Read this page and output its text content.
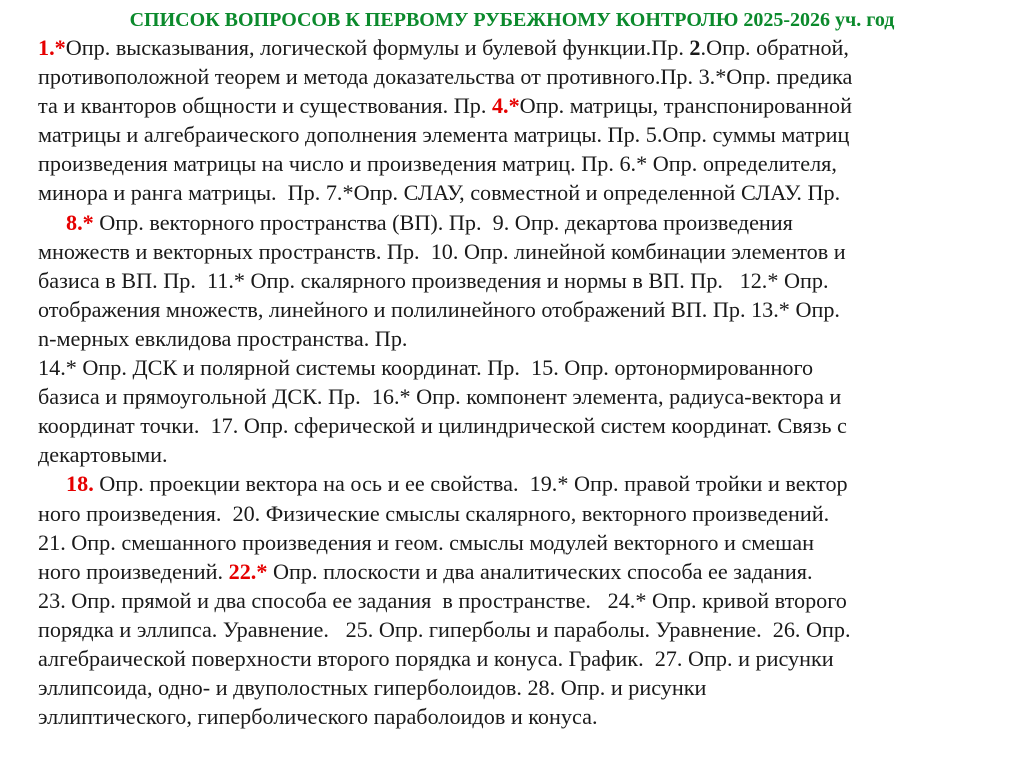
СПИСОК ВОПРОСОВ К ПЕРВОМУ РУБЕЖНОМУ КОНТРОЛЮ 2025-2026 уч. год
1.*Опр. высказывания, логической формулы и булевой функции.Пр. 2.Опр. обратной,
противоположной теорем и метода доказательства от противного.Пр. 3.*Опр. предика
та и кванторов общности и существования. Пр. 4.*Опр. матрицы, транспонированной
матрицы и алгебраического дополнения элемента матрицы. Пр. 5.Опр. суммы матриц
произведения матрицы на число и произведения матриц. Пр. 6.* Опр. определителя,
минора и ранга матрицы.  Пр. 7.*Опр. СЛАУ, совместной и определенной СЛАУ. Пр.
8.* Опр. векторного пространства (ВП). Пр.  9. Опр. декартова произведения
множеств и векторных пространств. Пр.  10. Опр. линейной комбинации элементов и
базиса в ВП. Пр.  11.* Опр. скалярного произведения и нормы в ВП. Пр.   12.* Опр.
отображения множеств, линейного и полилинейного отображений ВП. Пр. 13.* Опр.
n-мерных евклидова пространства. Пр.
14.* Опр. ДСК и полярной системы координат. Пр.  15. Опр. ортонормированного
базиса и прямоугольной ДСК. Пр.  16.* Опр. компонент элемента, радиуса-вектора и
координат точки.  17. Опр. сферической и цилиндрической систем координат. Связь с
декартовыми.
18. Опр. проекции вектора на ось и ее свойства.  19.* Опр. правой тройки и вектор
ного произведения.  20. Физические смыслы скалярного, векторного произведений.
21. Опр. смешанного произведения и геом. смыслы модулей векторного и смешан
ного произведений. 22.* Опр. плоскости и два аналитических способа ее задания.
23. Опр. прямой и два способа ее задания  в пространстве.   24.* Опр. кривой второго
порядка и эллипса. Уравнение.   25. Опр. гиперболы и параболы. Уравнение.  26. Опр.
алгебраической поверхности второго порядка и конуса. График.  27. Опр. и рисунки
эллипсоида, одно- и двуполостных гиперболоидов. 28. Опр. и рисунки
эллиптического, гиперболического параболоидов и конуса.
